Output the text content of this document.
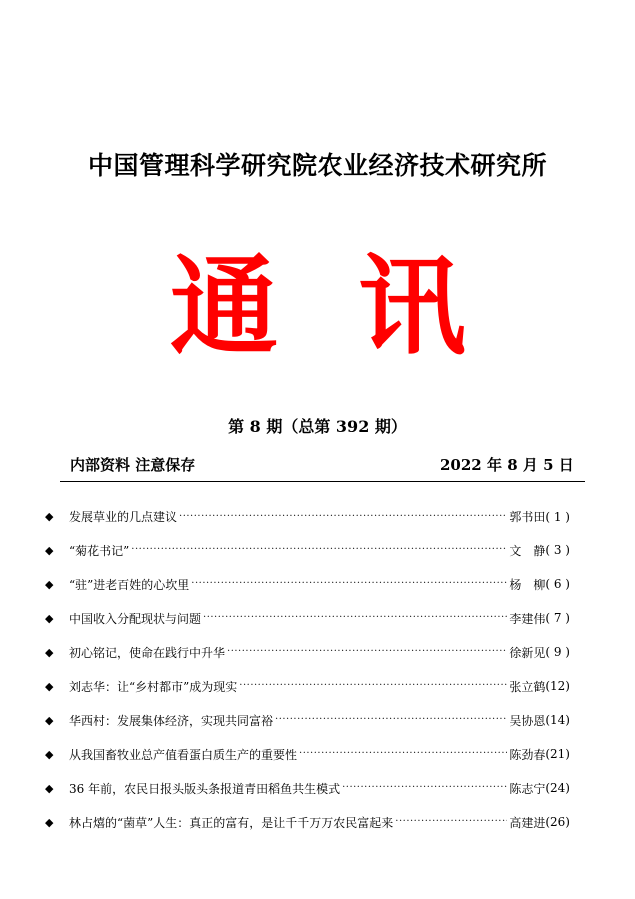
中国管理科学研究院农业经济技术研究所
通 讯
第 8 期（总第 392 期）
内部资料 注意保存	2022 年 8 月 5 日
◆	发展草业的几点建议 ·····	郭书田 ( 1 )
◆	“菊花书记” ·····	文　静 ( 3 )
◆	“驻”进老百姓的心坎里 ·····	杨　柳 ( 6 )
◆	中国收入分配现状与问题 ·····	李建伟 ( 7 )
◆	初心铭记，使命在践行中升华 ·····	徐新见 ( 9 )
◆	刘志华：让“乡村都市”成为现实 ·····	张立鹤 (12)
◆	华西村：发展集体经济，实现共同富裕 ·····	吴协恩 (14)
◆	从我国畜牧业总产值看蛋白质生产的重要性 ·····	陈劲春 (21)
◆	36 年前，农民日报头版头条报道青田稻鱼共生模式 ·····	陈志宁 (24)
◆	林占熺的“菌草”人生：真正的富有，是让千千万万农民富起来 ·····	高建进 (26)
